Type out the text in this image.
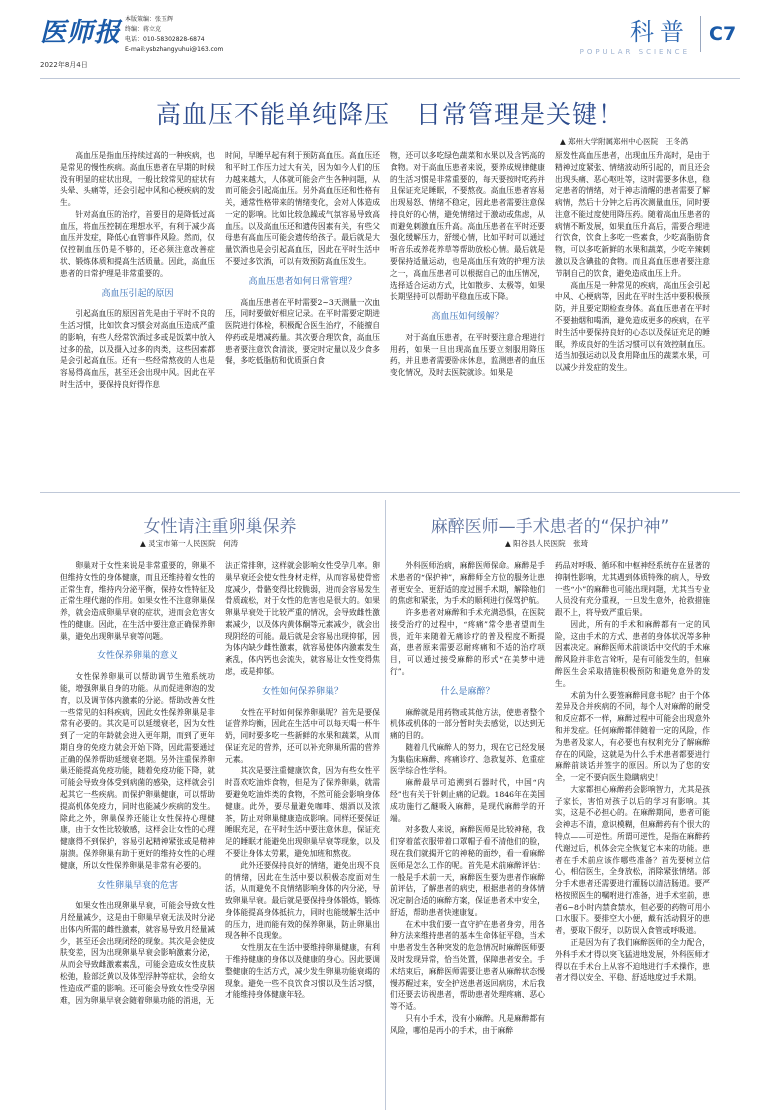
医师报
2022年8月4日
本版策编：张玉辉
终编：蒋立克
电话：010-58302828-6874
E-mail:ysbzhangyuhui@163.com
科普
POPULAR SCIENCE
C7
高血压不能单纯降压　日常管理是关键！
▲ 郑州大学附属郑州中心医院　王冬鸽

高血压是指血压持续过高的一种疾病，也是常见的慢性疾病。高血压患者在早期的时候没有明显的症状出现，一般比较常见的症状有头晕、头痛等，还会引起中风和心梗疾病的发生。

针对高血压的治疗，首要目的是降低过高血压，将血压控制在理想水平，有利于减少高血压并发症，降低心血管事件风险。然而，仅仅控制血压仍是不够的，还必须注意改善症状、锻炼体质和提高生活质量。因此，高血压患者的日常护理是非常重要的。

高血压引起的原因

引起高血压的原因首先是由于平时不良的生活习惯，比如饮食习惯会对高血压造成严重的影响，有些人经常饮酒过多或是饭菜中放入过多的盐，以及摄入过多的肉类，这些因素都是会引起高血压。还有一些经常熬夜的人也是容易得高血压，甚至还会出现中风。因此在平时生活中，要保持良好得作息

时间，早睡早起有利于预防高血压。高血压还和平时工作压力过大有关，因为如今人们的压力越来越大，人体就可能会产生各种问题，从而可能会引起高血压。另外高血压还和性格有关，通常性格带来的情绪变化，会对人体造成一定的影响。比如比较急躁或气氛容易导致高血压。以及高血压还和遗传因素有关，有些父母患有高血压可能会遗传给孩子。最后就是大量饮酒也是会引起高血压，因此在平时生活中不要过多饮酒，可以有效预防高血压发生。

高血压患者如何日常管理？

高血压患者在平时需要2~3天测量一次血压，同时要做好相应记录。在平时需要定期进医院进行体检，积极配合医生治疗，不能擅自停药或是增减药量。其次要合理饮食，高血压患者要注意饮食清淡，要定时定量以及少食多餐，多吃低脂肪和优质蛋白食

物，还可以多吃绿色蔬菜和水果以及含钙高的食物。对于高血压患者来说，要养成规律健康的生活习惯是非常重要的，每天要按时吃药并且保证充足睡眠，不要熬夜。高血压患者容易出现易怒、情绪不稳定，因此患者需要注意保持良好的心情，避免情绪过于激动或焦虑，从而避免刺激血压升高。高血压患者在平时还要强化缓解压力，舒缓心情，比如平时可以通过听音乐或养花养草等帮助放松心情。最后就是要保持适量运动，也是高血压有效的护理方法之一，高血压患者可以根据自己的血压情况，选择适合运动方式，比如散步、太极等，如果长期坚持可以帮助平稳血压或下降。

高血压如何缓解？

对于高血压患者，在平时要注意合理进行用药，如果一旦出现高血压要立刻服用降压药，并且患者需要卧床休息，监测患者的血压变化情况，及时去医院就诊。如果是

原发性高血压患者，出现血压升高时，是由于精神过度紧张、情绪波动所引起的，而且还会出现头痛、恶心呕吐等，这时需要多休息，稳定患者的情绪，对于神志清醒的患者需要了解病情，然后十分钟之后再次测量血压，同时要注意不能过度使用降压药。随着高血压患者的病情不断发展，如果血压升高后，需要合理进行饮食，饮食上多吃一些素食，少吃高脂肪食物，可以多吃新鲜的水果和蔬菜，少吃辛辣刺激以及含碘盐的食物。而且高血压患者要注意节制自己的饮食，避免造成血压上升。

高血压是一种常见的疾病，高血压会引起中风、心梗病等，因此在平时生活中要积极预防，并且要定期检查身体。高血压患者在平时不要抽烟和喝酒，避免造成更多的疾病，在平时生活中要保持良好的心态以及保证充足的睡眠，养成良好的生活习惯可以有效控制血压。适当加强运动以及食用降血压的蔬菜水果，可以减少并发症的发生。

女性请注重卵巢保养
▲ 灵宝市第一人民医院　何涛

卵巢对于女性来说是非常重要的，卵巢不但维持女性的身体健康，而且还维持着女性的正常生育，维持内分泌平衡，保持女性特征及正常生理代谢的作用。如果女性不注意卵巢保养，就会造成卵巢早衰的症状，进而会危害女性的健康。因此，在生活中要注意正确保养卵巢，避免出现卵巢早衰等问题。

女性保养卵巢的意义

女性保养卵巢可以帮助调节生殖系统功能，增强卵巢自身的功能。从而促进卵泡的发育，以及调节体内激素的分泌。帮助改善女性一些常见的妇科疾病，因此女性保养卵巢是非常有必要的。其次是可以延缓衰老，因为女性到了一定的年龄就会进入更年期，而到了更年期自身的免疫力就会开始下降，因此需要通过正确的保养帮助延缓衰老期。另外注重保养卵巢还能提高免疫功能，随着免疫功能下降，就可能会导致身体受到病菌的感染，这样就会引起其它一些疾病。而保护卵巢健康，可以帮助提高机体免疫力，同时也能减少疾病的发生。除此之外，卵巢保养还能让女性保持心理健康，由于女性比较敏感，这样会让女性的心理健康得不到保护，容易引起精神紧张或是精神崩溃。保养卵巢有助于更好的维持女性的心理健康，所以女性保养卵巢是非常有必要的。

女性卵巢早衰的危害

如果女性出现卵巢早衰，可能会导致女性月经量减少，这是由于卵巢早衰无法及时分泌出体内所需的雌性激素，就容易导致月经量减少，甚至还会出现闭经的现象。其次是会使皮肤变差，因为出现卵巢早衰会影响激素分泌，从而会导致雌激素素乱，可能会造成女性皮肤松弛，脸部泛黄以及体型浮肿等症状，会给女性造成严重的影响。还可能会导致女性受孕困难，因为卵巢早衰会随着卵巢功能的消退，无

法正常排卵，这样就会影响女性受孕几率。卵巢早衰还会使女性身材走样，从而容易使骨密度减少，骨骼变得比较脆弱，进而会容易发生骨质疏松，对于女性的危害也是很大的。如果卵巢早衰处于比较严重的情况，会导致雌性激素减少，以及体内黄体酮等元素减少，就会出现阴经的可能。最后就是会容易出现抑郁，因为体内缺少雌性激素，就容易使体内激素发生紊乱，体内钙也会流失，就容易让女性变得焦虑，或是抑郁。

女性如何保养卵巢？

女性在平时如何保养卵巢呢？首先是要保证营养均衡，因此在生活中可以每天喝一杯牛奶，同时要多吃一些新鲜的水果和蔬菜，从而保证充足的营养，还可以补充卵巢所需的营养元素。

其次是要注重健康饮食，因为有些女性平时喜欢吃油炸食物，但是为了保养卵巢，就需要避免吃油炸类的食物，不然可能会影响身体健康。此外，要尽量避免咖啡、烟酒以及浓茶，防止对卵巢健康造成影响。同样还要保证睡眠充足，在平时生活中要注意休息，保证充足的睡眠才能避免出现卵巢早衰等现象，以及不要让身体太劳累，避免加班和熬夜。

此外还要保持良好的情绪，避免出现不良的情绪，因此在生活中要以积极态度面对生活，从而避免不良情绪影响身体的内分泌，导致卵巢早衰。最后就是要保持身体锻炼，锻炼身体能提高身体抵抗力，同时也能缓解生活中的压力，进而能有效的保养卵巢，防止卵巢出现各种不良现象。

女性朋友在生活中要维持卵巢健康，有利于维持健康的身体以及健康的身心。因此要调整健康的生活方式，减少发生卵巢功能衰竭的现象。避免一些不良饮食习惯以及生活习惯，才能维持身体健康年轻。

麻醉医师—手术患者的“保护神”
▲ 阳谷县人民医院　张琦

外科医师治病，麻醉医师保命。麻醉是手术患者的“保护神”，麻醉师全方位的服务让患者更安全、更舒适的度过围手术期，解除他们的焦虑和紧张，为手术的顺利进行保驾护航。

许多患者对麻醉和手术充满恐惧，在医院接受治疗的过程中，“疼痛”常令患者望而生畏，近年来随着无痛诊疗的普及程度不断提高，患者原来需要忍耐疼痛和不适的治疗项目，可以通过接受麻醉的形式“在美梦中进行”。

什么是麻醉？

麻醉就是用药物或其他方法，使患者整个机体或机体的一部分暂时失去感觉，以达到无痛的目的。

随着几代麻醉人的努力，现在它已经发展为集临床麻醉、疼痛诊疗、急救复苏、危重症医学综合性学科。

麻醉最早可追溯到石器时代，中国“内经”也有关于针刺止痛的记载。1846年在美国成功施行乙醚吸入麻醉，是现代麻醉学的开端。

对多数人来说，麻醉医师是比较神秘，我们穿着蓝衣服带着口罩帽子看不清他们的脸，现在我们就揭开它的神秘的面纱，看一看麻醉医师是怎么工作的呢。首先是术前麻醉评估：一般是手术前一天，麻醉医生要为患者作麻醉前评估，了解患者的病史，根据患者的身体情况定制合适的麻醉方案，保证患者术中安全，舒适，帮助患者快速康复。

在术中我们要一直守护在患者身旁，用各种方法来维持患者的基本生命体征平稳，当术中患者发生各种突发的危急情况时麻醉医师要及时发现异常，恰当处置，保障患者安全。手术结束后，麻醉医师需要让患者从麻醉状态慢慢苏醒过来，安全护送患者返回病房，术后我们还要去访视患者，帮助患者处理疼痛、恶心等不适。

只有小手术，没有小麻醉。凡是麻醉都有风险，哪怕是再小的手术，由于麻醉

药品对呼吸、循环和中枢神经系统存在显著的抑制性影响，尤其遇到体质特殊的病人，导致一些“小”的麻醉也可能出现问题，尤其当专业人员没有充分重视，一旦发生意外，抢救措施跟不上，将导致严重后果。

因此，所有的手术和麻醉都有一定的风险，这由手术的方式、患者的身体状况等多种因素决定。麻醉医师术前谈话中交代的手术麻醉风险并非危言耸听，是有可能发生的，但麻醉医生会采取措施积极预防和避免意外的发生。

术前为什么要签麻醉同意书呢？由于个体差异及合并疾病的不同，每个人对麻醉的耐受和反应都不一样，麻醉过程中可能会出现意外和并发症。任何麻醉都伴随着一定的风险，作为患者及家人，有必要也有权利充分了解麻醉存在的风险，这就是为什么手术患者都要进行麻醉前谈话并签字的原因。所以为了您的安全，一定不要向医生隐瞒病史！

大家都担心麻醉药会影响智力，尤其是孩子家长，害怕对孩子以后的学习有影响。其实，这是不必担心的。在麻醉期间，患者可能会神志不清，意识模糊，但麻醉药有个很大的特点——可逆性。所谓可逆性，是指在麻醉药代谢过后，机体会完全恢复它本来的功能。患者在手术前应该作哪些准备？首先要树立信心，相信医生，全身放松，消除紧张情绪。部分手术患者还需要进行灌肠以清洁肠道。要严格按照医生的嘱咐进行准备，进手术室前，患者6~8小时内禁食禁水，但必要的药物可用小口水服下。要排空大小便，戴有活动假牙的患者，要取下假牙，以防误入食管或呼吸道。

正是因为有了我们麻醉医师的全力配合，外科手术才得以突飞猛进地发展，外科医师才得以在手术台上从容不迫地进行手术操作，患者才得以安全、平稳、舒适地度过手术期。
